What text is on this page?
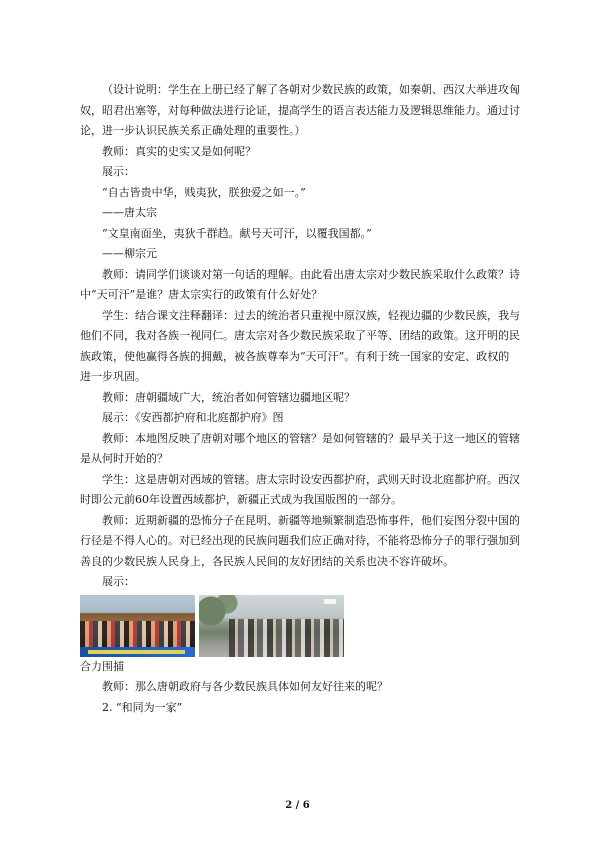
（设计说明：学生在上册已经了解了各朝对少数民族的政策，如秦朝、西汉大举进攻匈奴，昭君出塞等，对每种做法进行论证，提高学生的语言表达能力及逻辑思维能力。通过讨论，进一步认识民族关系正确处理的重要性。）

教师：真实的史实又是如何呢？

展示：

“自古皆贵中华，贱夷狄，朕独爱之如一。”

——唐太宗

“文皇南面坐，夷狄千群趋。献号天可汗，以覆我国都。”

——柳宗元

教师：请同学们谈谈对第一句话的理解。由此看出唐太宗对少数民族采取什么政策？诗中“天可汗”是谁？唐太宗实行的政策有什么好处？

学生：结合课文注释翻译：过去的统治者只重视中原汉族，轻视边疆的少数民族，我与他们不同，我对各族一视同仁。唐太宗对各少数民族采取了平等、团结的政策。这开明的民族政策，使他赢得各族的拥戴，被各族尊奉为“天可汗”。有利于统一国家的安定、政权的进一步巩固。

教师：唐朝疆域广大，统治者如何管辖边疆地区呢？

展示：《安西都护府和北庭都护府》图

教师：本地图反映了唐朝对哪个地区的管辖？是如何管辖的？最早关于这一地区的管辖是从何时开始的？

学生：这是唐朝对西域的管辖。唐太宗时设安西都护府，武则天时设北庭都护府。西汉时即公元前60年设置西域都护，新疆正式成为我国版图的一部分。

教师：近期新疆的恐怖分子在昆明、新疆等地频繁制造恐怖事件，他们妄图分裂中国的行径是不得人心的。对已经出现的民族问题我们应正确对待，不能将恐怖分子的罪行强加到善良的少数民族人民身上，各民族人民间的友好团结的关系也决不容许破坏。

展示：

合力围捕

教师：那么唐朝政府与各少数民族具体如何友好往来的呢？

2. “和同为一家”

2 / 6
